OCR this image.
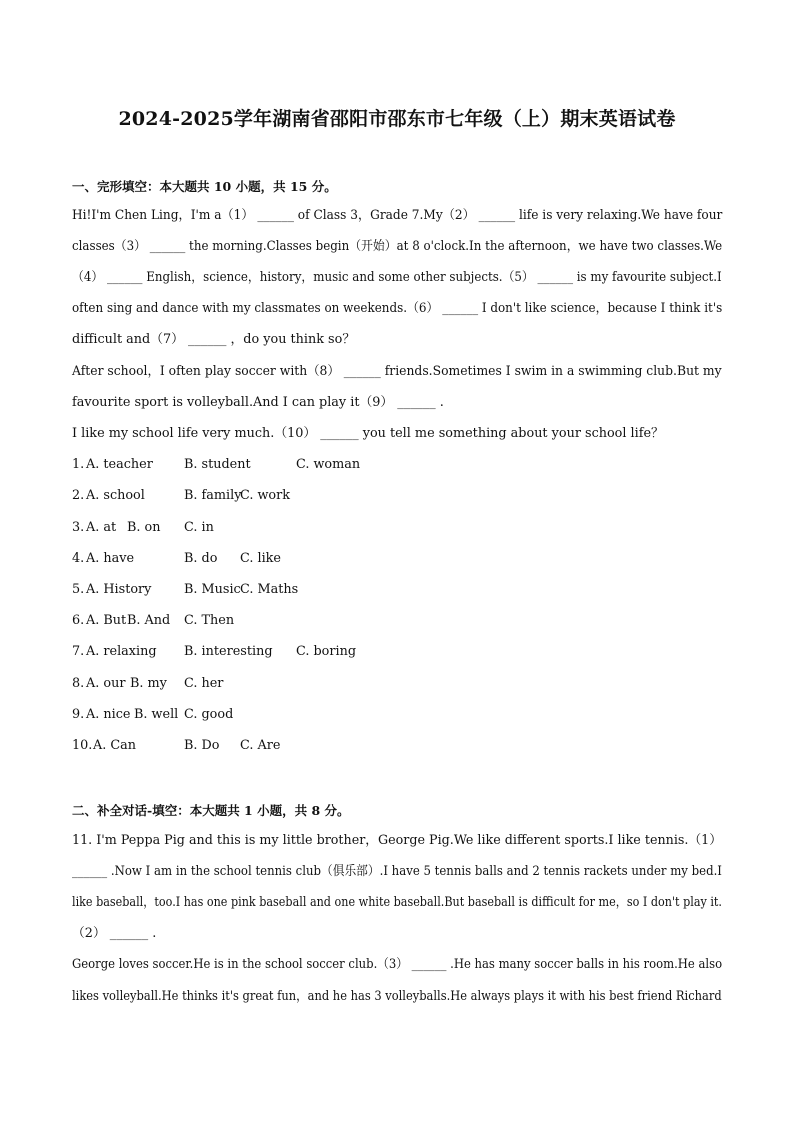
2024-2025学年湖南省邵阳市邵东市七年级（上）期末英语试卷
一、完形填空：本大题共 10 小题，共 15 分。
Hi!I'm Chen Ling，I'm a（1） ______ of Class 3，Grade 7.My（2） ______ life is very relaxing.We have four
classes（3） ______ the morning.Classes begin（开始）at 8 o'clock.In the afternoon，we have two classes.We
（4） ______ English，science，history，music and some other subjects.（5） ______ is my favourite subject.I
often sing and dance with my classmates on weekends.（6） ______ I don't like science，because I think it's
difficult and（7） ______ ，do you think so？
After school，I often play soccer with（8） ______ friends.Sometimes I swim in a swimming club.But my
favourite sport is volleyball.And I can play it（9） ______ .
I like my school life very much.（10） ______ you tell me something about your school life？
1. A. teacher B. student	C. woman
2. A. school	B. family
C. work
3. A. at B. on C. in
4. A. have	B. do C. like
5. A. History	B. Music C. Maths
6. A. But B. And C. Then
7. A. relaxing B. interesting C. boring
8. A. our B. my C. her
9. A. nice B. well C. good
10. A. Can	B. Do C. Are
二、补全对话-填空：本大题共 1 小题，共 8 分。
11. I'm Peppa Pig and this is my little brother，George Pig.We like different sports.I like tennis.（1）
______ .Now I am in the school tennis club（俱乐部）.I have 5 tennis balls and 2 tennis rackets under my bed.I
like baseball，too.I has one pink baseball and one white baseball.But baseball is difficult for me，so I don't play it.
（2） ______ .
George loves soccer.He is in the school soccer club.（3） ______ .He has many soccer balls in his room.He also
likes volleyball.He thinks it's great fun，and he has 3 volleyballs.He always plays it with his best friend Richard
